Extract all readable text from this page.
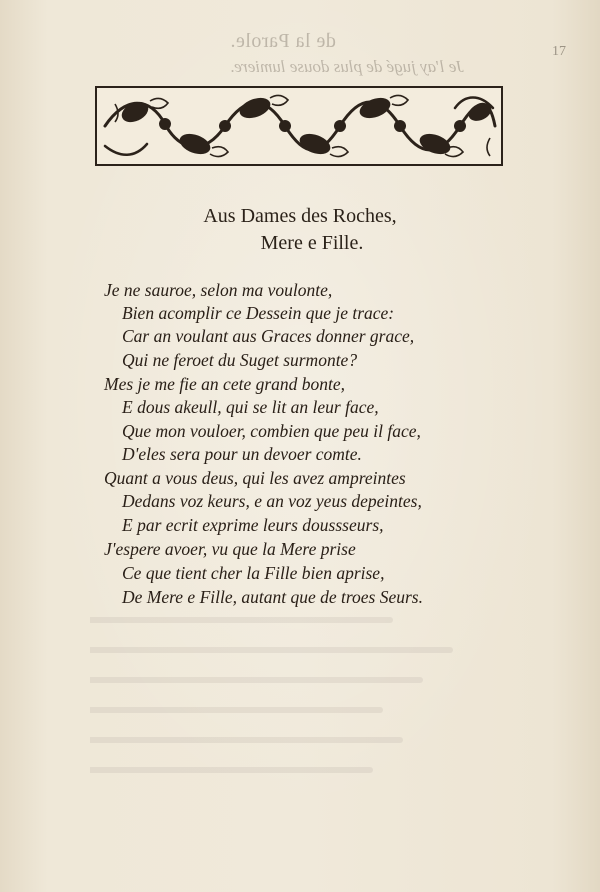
de la Parole.
Je l'ay jugé de plus douse lumiere.
17
Aus Dames des Roches,
Mere e Fille.
Je ne sauroe, selon ma voulonte,
Bien acomplir ce Dessein que je trace:
Car an voulant aus Graces donner grace,
Qui ne feroet du Suget surmonte?
Mes je me fie an cete grand bonte,
E dous akeull, qui se lit an leur face,
Que mon vouloer, combien que peu il face,
D'eles sera pour un devoer comte.
Quant a vous deus, qui les avez ampreintes
Dedans voz keurs, e an voz yeus depeintes,
E par ecrit exprime leurs doussseurs,
J'espere avoer, vu que la Mere prise
Ce que tient cher la Fille bien aprise,
De Mere e Fille, autant que de troes Seurs.
